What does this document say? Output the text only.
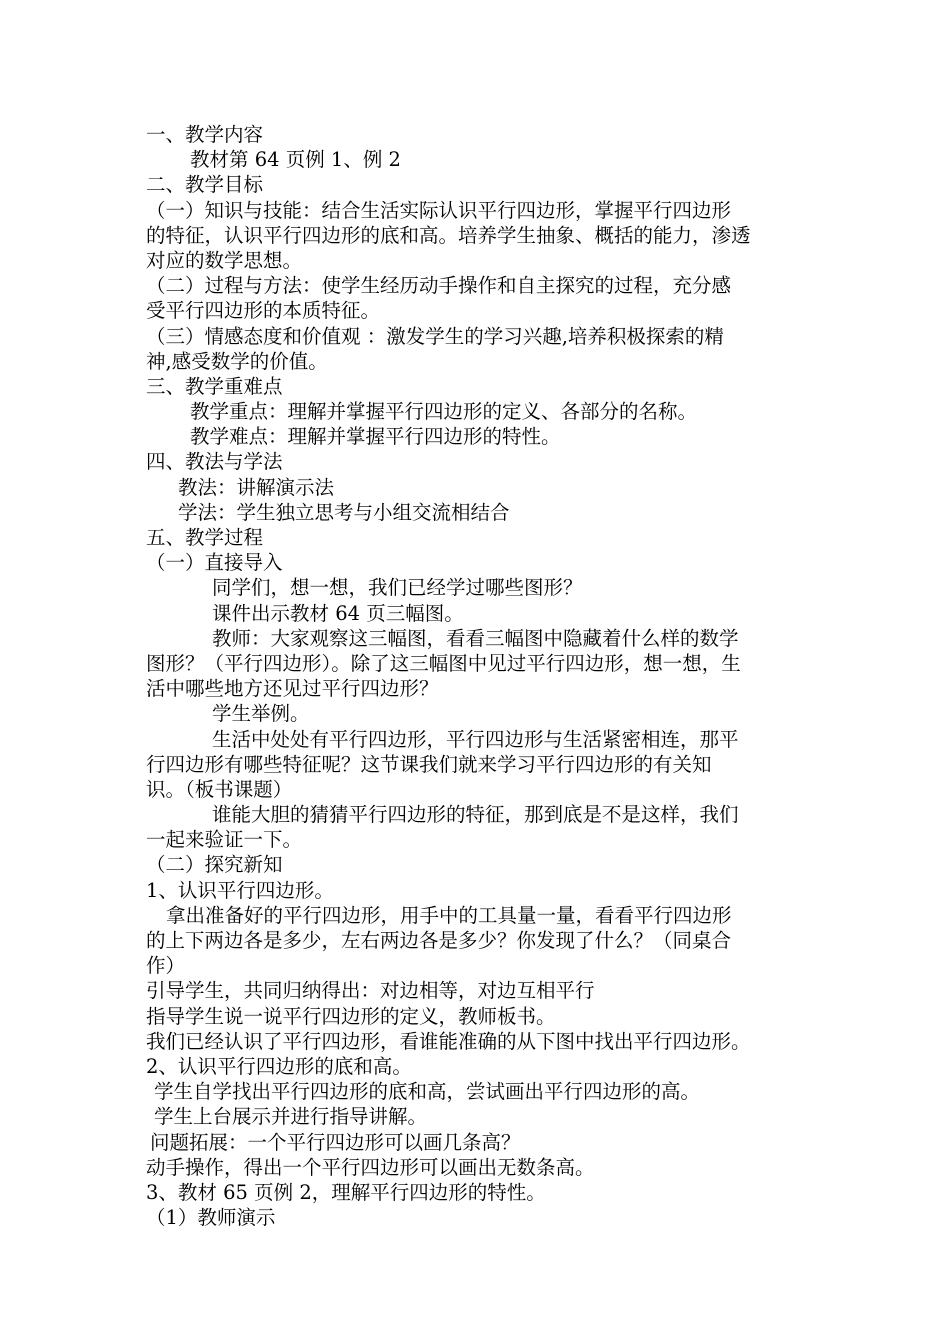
一、教学内容
教材第 64 页例 1、例 2
二、教学目标
（一）知识与技能：结合生活实际认识平行四边形，掌握平行四边形
的特征，认识平行四边形的底和高。培养学生抽象、概括的能力，渗透
对应的数学思想。
（二）过程与方法：使学生经历动手操作和自主探究的过程，充分感
受平行四边形的本质特征。
（三）情感态度和价值观 ：激发学生的学习兴趣,培养积极探索的精
神,感受数学的价值。
三、教学重难点
教学重点：理解并掌握平行四边形的定义、各部分的名称。
教学难点：理解并掌握平行四边形的特性。
四、教法与学法
教法：讲解演示法
学法：学生独立思考与小组交流相结合
五、教学过程
（一）直接导入
同学们，想一想，我们已经学过哪些图形？
课件出示教材 64 页三幅图。
教师：大家观察这三幅图，看看三幅图中隐藏着什么样的数学
图形？（平行四边形）。除了这三幅图中见过平行四边形，想一想，生
活中哪些地方还见过平行四边形？
学生举例。
生活中处处有平行四边形，平行四边形与生活紧密相连，那平
行四边形有哪些特征呢？这节课我们就来学习平行四边形的有关知
识。（板书课题）
谁能大胆的猜猜平行四边形的特征，那到底是不是这样，我们
一起来验证一下。
（二）探究新知
1、认识平行四边形。
拿出准备好的平行四边形，用手中的工具量一量，看看平行四边形
的上下两边各是多少，左右两边各是多少？你发现了什么？（同桌合
作）
引导学生，共同归纳得出：对边相等，对边互相平行
指导学生说一说平行四边形的定义，教师板书。
我们已经认识了平行四边形，看谁能准确的从下图中找出平行四边形。
2、认识平行四边形的底和高。
学生自学找出平行四边形的底和高，尝试画出平行四边形的高。
学生上台展示并进行指导讲解。
问题拓展：一个平行四边形可以画几条高？
动手操作，得出一个平行四边形可以画出无数条高。
3、教材 65 页例 2，理解平行四边形的特性。
（1）教师演示
